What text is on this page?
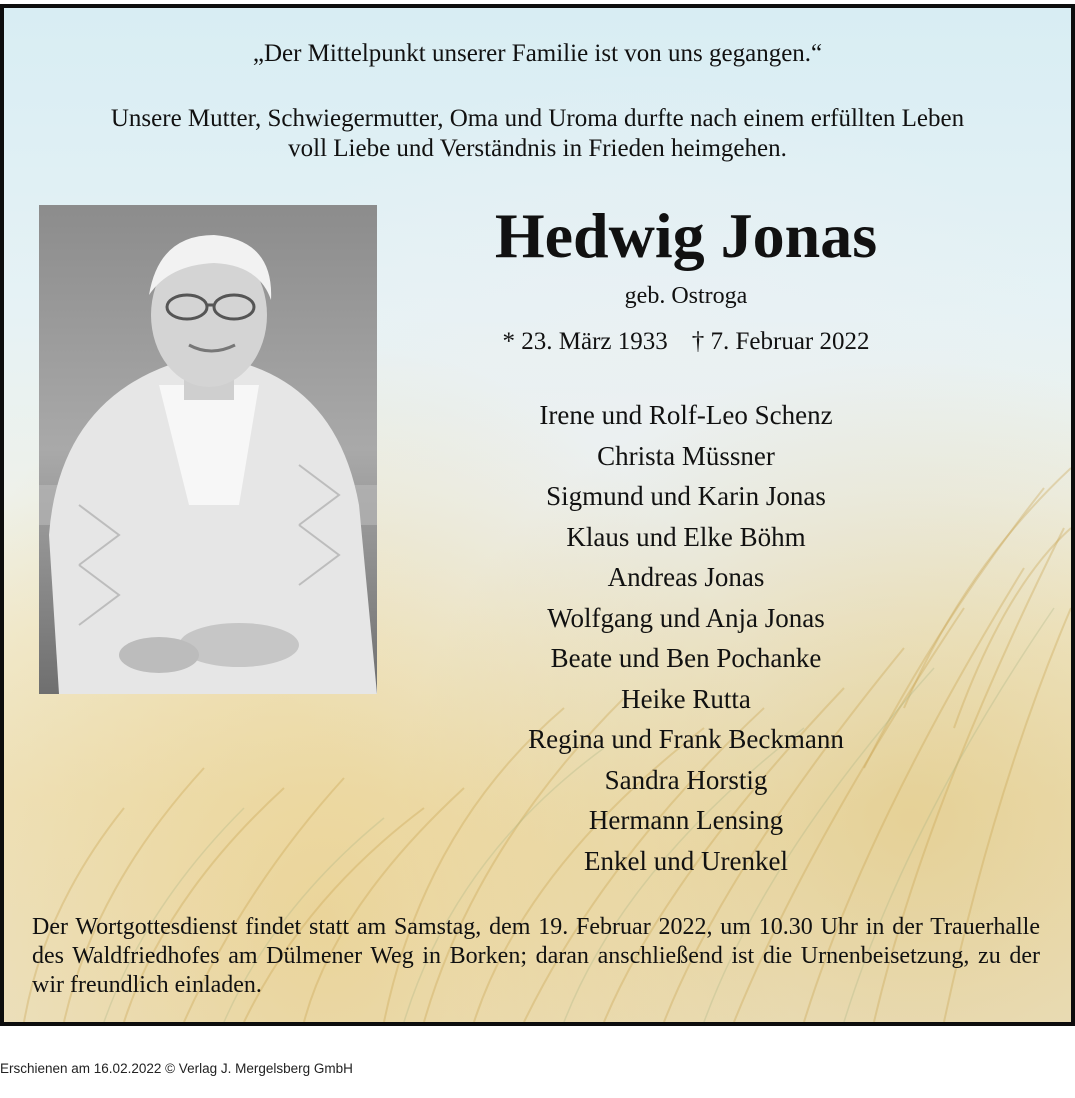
„Der Mittelpunkt unserer Familie ist von uns gegangen.“
Unsere Mutter, Schwiegermutter, Oma und Uroma durfte nach einem erfüllten Leben
voll Liebe und Verständnis in Frieden heimgehen.
Hedwig Jonas
geb. Ostroga
* 23. März 1933 † 7. Februar 2022
Irene und Rolf-Leo Schenz
Christa Müssner
Sigmund und Karin Jonas
Klaus und Elke Böhm
Andreas Jonas
Wolfgang und Anja Jonas
Beate und Ben Pochanke
Heike Rutta
Regina und Frank Beckmann
Sandra Horstig
Hermann Lensing
Enkel und Urenkel
Der Wortgottesdienst findet statt am Samstag, dem 19. Februar 2022, um 10.30 Uhr in der Trauerhalle des Waldfriedhofes am Dülmener Weg in Borken; daran anschließend ist die Urnenbeisetzung, zu der wir freundlich einladen.
Erschienen am 16.02.2022 © Verlag J. Mergelsberg GmbH
